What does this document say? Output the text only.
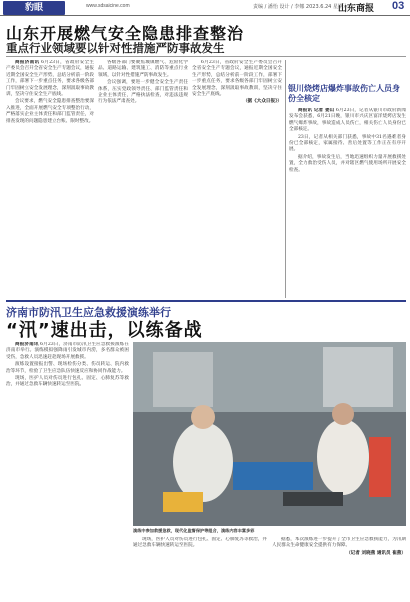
豹眼	www.sdsaicine.com	责编 / 潘怡 设计 / 李娜 2023.6.24 星期六
山东商报 03
山东开展燃气安全隐患排查整治
重点行业领域要以针对性措施严防事故发生

商报济南讯 6月23日，省政府安全生产委员会召开全省安全生产专题会议，通报近期全国安全生产形势，总结分析前一阶段工作，部署下一步重点任务，要求各级各部门牢固树立安全发展理念，深刻汲取事故教训，坚决守住安全生产底线。

会议要求，燃气安全隐患排查整治要深入推进，全面开展燃气安全专项整治行动，严格落实企业主体责任和部门监管责任，对排查发现的问题隐患建立台账、限时整改。

各级各部门要聚焦城镇燃气、危险化学品、道路运输、建筑施工、消防等重点行业领域，以针对性措施严防事故发生。

会议强调，要进一步健全安全生产责任体系，压实党政领导责任、部门监管责任和企业主体责任，严格执法检查，对违法违规行为依法严肃查处。

6月23日，省政府安全生产委员会召开全省安全生产专题会议，通报近期全国安全生产形势，总结分析前一阶段工作，部署下一步重点任务，要求各级各部门牢固树立安全发展理念，深刻汲取事故教训，坚决守住安全生产底线。

（据《大众日报》）

银川烧烤店爆炸事故伤亡人员身份全核定

商报讯 记者 姜山 6月23日，记者从银川市政府新闻发布会获悉，6月21日晚，银川市兴庆区富洋烧烤店发生燃气爆炸事故，事故造成人员伤亡，相关伤亡人员身份已全部核定。

23日，记者从相关部门获悉，事故中31名遇难者身份已全部核定，家属接待、善后处置等工作正在有序开展。

据介绍，事故发生后，当地迅速组织力量开展救援处置，全力救治受伤人员，并对辖区燃气使用场所开展安全检查。

济南市防汛卫生应急救援演练举行
“汛”速出击，以练备战

商报济南讯 6月23日，济南市防汛卫生应急救援演练在济南市举行。演练模拟强降雨引发城市内涝，多名群众被困受伤，急救人员迅速赶赴现场开展救援。

演练设置接报出警、现场检伤分类、伤员转运、院内救治等环节，检验了卫生应急队伍快速反应和协同作战能力。

现场，医护人员对伤员进行包扎、固定、心肺复苏等救治，并通过急救车辆快速转运至医院。

演练中参加救援急救，现代化监督保护等组合，演练内容丰富多彩

现场，医护人员对伤员进行包扎、固定、心肺复苏等救治，并通过急救车辆快速转运至医院。

据悉，本次演练进一步提升了全市卫生应急救援能力，为汛期人民群众生命健康安全提供有力保障。

（记者 刘晓燕 通讯员 崔燕）
